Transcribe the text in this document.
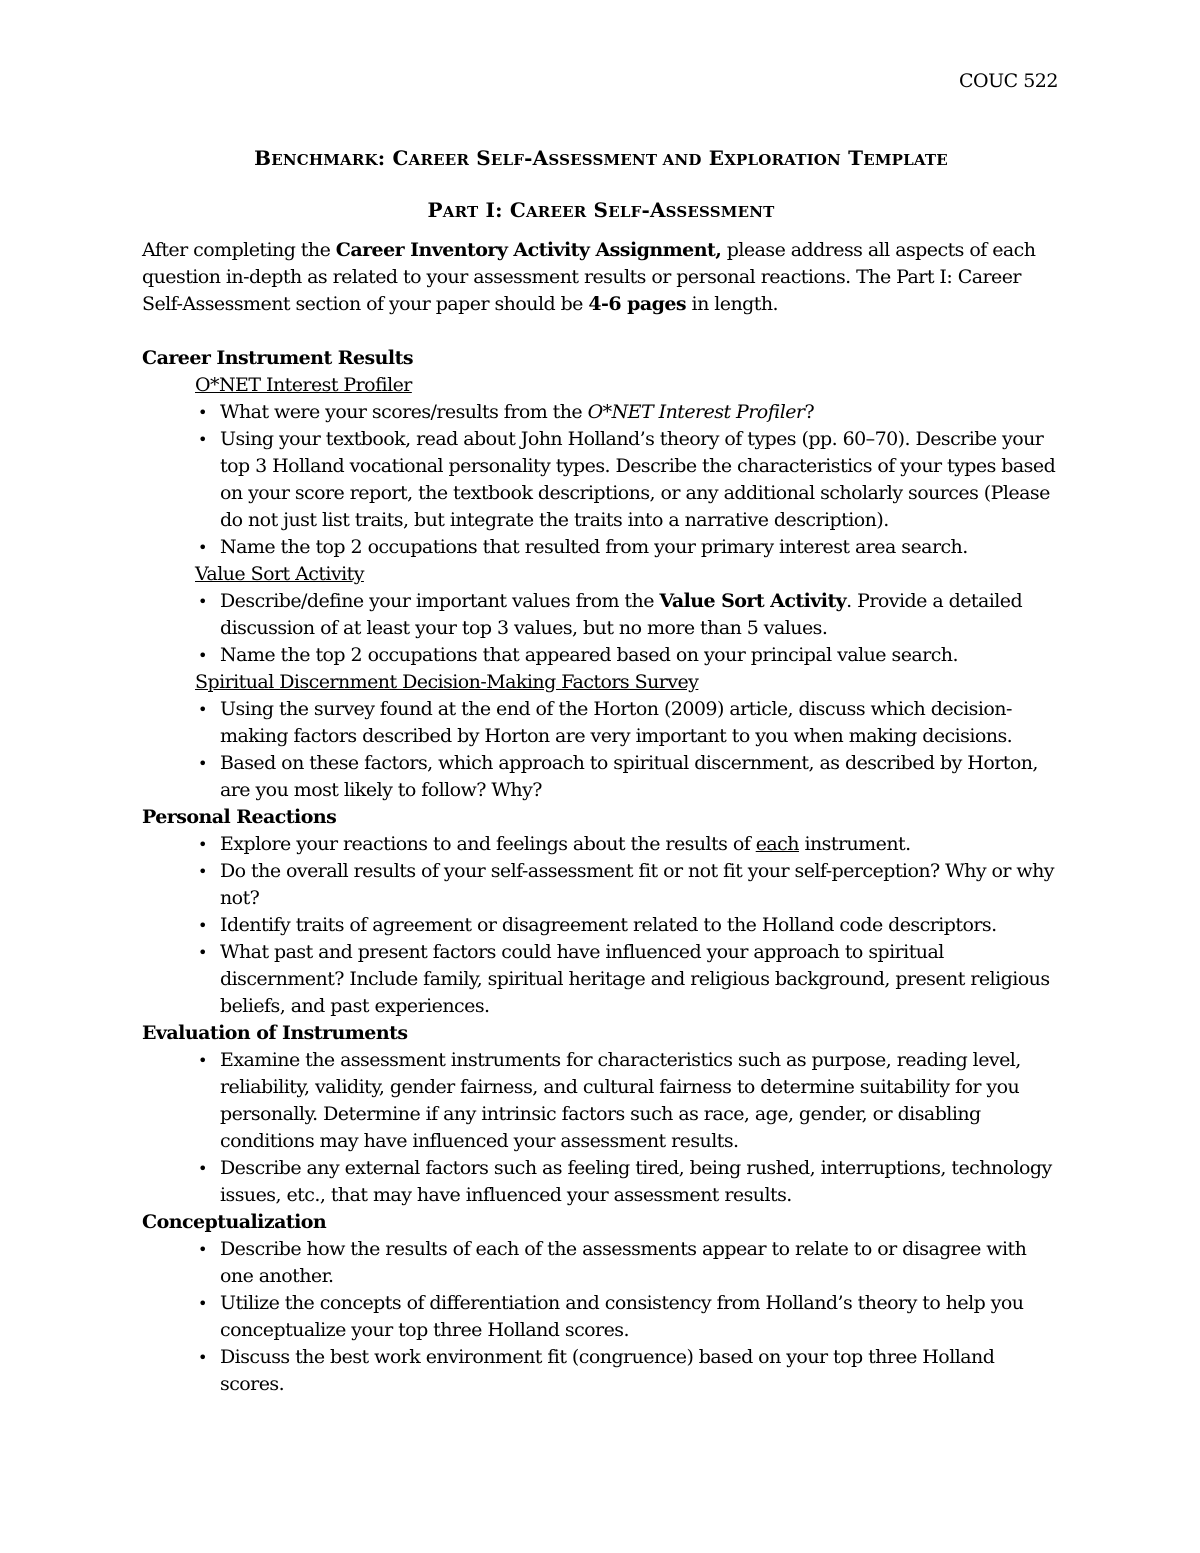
COUC 522

BENCHMARK: CAREER SELF-ASSESSMENT AND EXPLORATION TEMPLATE

PART I: CAREER SELF-ASSESSMENT

After completing the Career Inventory Activity Assignment, please address all aspects of each question in-depth as related to your assessment results or personal reactions. The Part I: Career Self-Assessment section of your paper should be 4-6 pages in length.

Career Instrument Results

O*NET Interest Profiler

• What were your scores/results from the O*NET Interest Profiler?
• Using your textbook, read about John Holland’s theory of types (pp. 60–70). Describe your top 3 Holland vocational personality types. Describe the characteristics of your types based on your score report, the textbook descriptions, or any additional scholarly sources (Please do not just list traits, but integrate the traits into a narrative description).
• Name the top 2 occupations that resulted from your primary interest area search.

Value Sort Activity

• Describe/define your important values from the Value Sort Activity. Provide a detailed discussion of at least your top 3 values, but no more than 5 values.
• Name the top 2 occupations that appeared based on your principal value search.

Spiritual Discernment Decision-Making Factors Survey

• Using the survey found at the end of the Horton (2009) article, discuss which decision-making factors described by Horton are very important to you when making decisions.
• Based on these factors, which approach to spiritual discernment, as described by Horton, are you most likely to follow? Why?

Personal Reactions

• Explore your reactions to and feelings about the results of each instrument.
• Do the overall results of your self-assessment fit or not fit your self-perception? Why or why not?
• Identify traits of agreement or disagreement related to the Holland code descriptors.
• What past and present factors could have influenced your approach to spiritual discernment? Include family, spiritual heritage and religious background, present religious beliefs, and past experiences.

Evaluation of Instruments

• Examine the assessment instruments for characteristics such as purpose, reading level, reliability, validity, gender fairness, and cultural fairness to determine suitability for you personally. Determine if any intrinsic factors such as race, age, gender, or disabling conditions may have influenced your assessment results.
• Describe any external factors such as feeling tired, being rushed, interruptions, technology issues, etc., that may have influenced your assessment results.

Conceptualization

• Describe how the results of each of the assessments appear to relate to or disagree with one another.
• Utilize the concepts of differentiation and consistency from Holland’s theory to help you conceptualize your top three Holland scores.
• Discuss the best work environment fit (congruence) based on your top three Holland scores.
